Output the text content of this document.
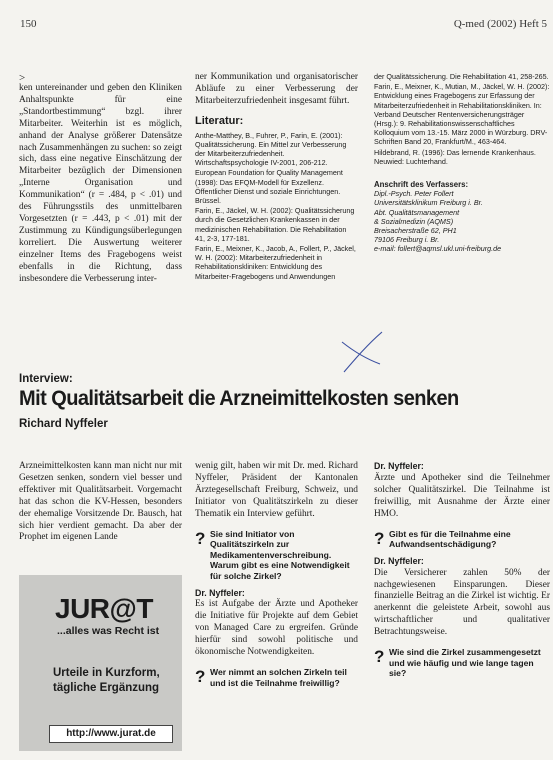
150	Q-med (2002) Heft 5
>

ken untereinander und geben den Kliniken Anhaltspunkte für eine „Standortbestimmung“ bzgl. ihrer Mitarbeiter. Weiterhin ist es möglich, anhand der Analyse größerer Datensätze nach Zusammenhängen zu suchen: so zeigt sich, dass eine negative Einschätzung der Mitarbeiter bezüglich der Dimensionen „Interne Organisation und Kommunikation“ (r = .484, p < .01) und des Führungsstils des unmittelbaren Vorgesetzten (r = .443, p < .01) mit der Zustimmung zu Kündigungsüberlegungen korreliert. Die Auswertung weiterer einzelner Items des Fragebogens weist ebenfalls in die Richtung, dass insbesondere die Verbesserung inter-

ner Kommunikation und organisatorischer Abläufe zu einer Verbesserung der Mitarbeiterzufriedenheit insgesamt führt.

Literatur:
Anthe-Matthey, B., Fuhrer, P., Farin, E. (2001): Qualitätssicherung. Ein Mittel zur Verbesserung der Mitarbeiterzufriedenheit. Wirtschaftspsychologie IV-2001, 206-212.
European Foundation for Quality Management (1998): Das EFQM-Modell für Exzellenz. Öffentlicher Dienst und soziale Einrichtungen. Brüssel.
Farin, E., Jäckel, W. H. (2002): Qualitätssicherung durch die Gesetzlichen Krankenkassen in der medizinischen Rehabilitation. Die Rehabilitation 41, 2-3, 177-181.
Farin, E., Meixner, K., Jacob, A., Follert, P., Jäckel, W. H. (2002): Mitarbeiterzufriedenheit in Rehabilitationskliniken: Entwicklung des Mitarbeiter-Fragebogens und Anwendungen
der Qualitätssicherung. Die Rehabilitation 41, 258-265.
Farin, E., Meixner, K., Mutian, M., Jäckel, W. H. (2002): Entwicklung eines Fragebogens zur Erfassung der Mitarbeiterzufriedenheit in Rehabilitationskliniken. In: Verband Deutscher Rentenversicherungsträger (Hrsg.): 9. Rehabilitationswissenschaftliches Kolloquium vom 13.-15. März 2000 in Würzburg. DRV-Schriften Band 20, Frankfurt/M., 463-464.
Hildebrand, R. (1996): Das lernende Krankenhaus. Neuwied: Luchterhand.
Anschrift des Verfassers:
Dipl.-Psych. Peter Follert
Universitätsklinikum Freiburg i. Br.
Abt. Qualitätsmanagement
& Sozialmedizin (AQMS)
Breisacherstraße 62, PH1
79106 Freiburg i. Br.
e-mail: follert@aqmsl.ukl.uni-freiburg.de
Interview:
Mit Qualitätsarbeit die Arzneimittelkosten senken
Richard Nyffeler

Arzneimittelkosten kann man nicht nur mit Gesetzen senken, sondern viel besser und effektiver mit Qualitätsarbeit. Vorgemacht hat das schon die KV-Hessen, besonders der ehemalige Vorsitzende Dr. Bausch, hat sich hier verdient gemacht. Da aber der Prophet im eigenen Lande

wenig gilt, haben wir mit Dr. med. Richard Nyffeler, Präsident der Kantonalen Ärztegesellschaft Freiburg, Schweiz, und Initiator von Qualitätszirkeln zu dieser Thematik ein Interview geführt.

? Sie sind Initiator von Qualitätszirkeln zur Medikamentenverschreibung. Warum gibt es eine Notwendigkeit für solche Zirkel?
Dr. Nyffeler:

Es ist Aufgabe der Ärzte und Apotheker die Initiative für Projekte auf dem Gebiet von Managed Care zu ergreifen. Gründe hierfür sind sowohl politische und ökonomische Notwendigkeiten.

? Wer nimmt an solchen Zirkeln teil und ist die Teilnahme freiwillig?
Dr. Nyffeler:

Ärzte und Apotheker sind die Teilnehmer solcher Qualitätszirkel. Die Teilnahme ist freiwillig, mit Ausnahme der Ärzte einer HMO.

? Gibt es für die Teilnahme eine Aufwandsentschädigung?
Dr. Nyffeler:

Die Versicherer zahlen 50% der nachgewiesenen Einsparungen. Dieser finanzielle Beitrag an die Zirkel ist wichtig. Er anerkennt die geleistete Arbeit, sowohl aus wirtschaftlicher und qualitativer Betrachtungsweise.

? Wie sind die Zirkel zusammengesetzt und wie häufig und wie lange tagen sie?
JUR@T
...alles was Recht ist
Urteile in Kurzform,
tägliche Ergänzung
http://www.jurat.de
